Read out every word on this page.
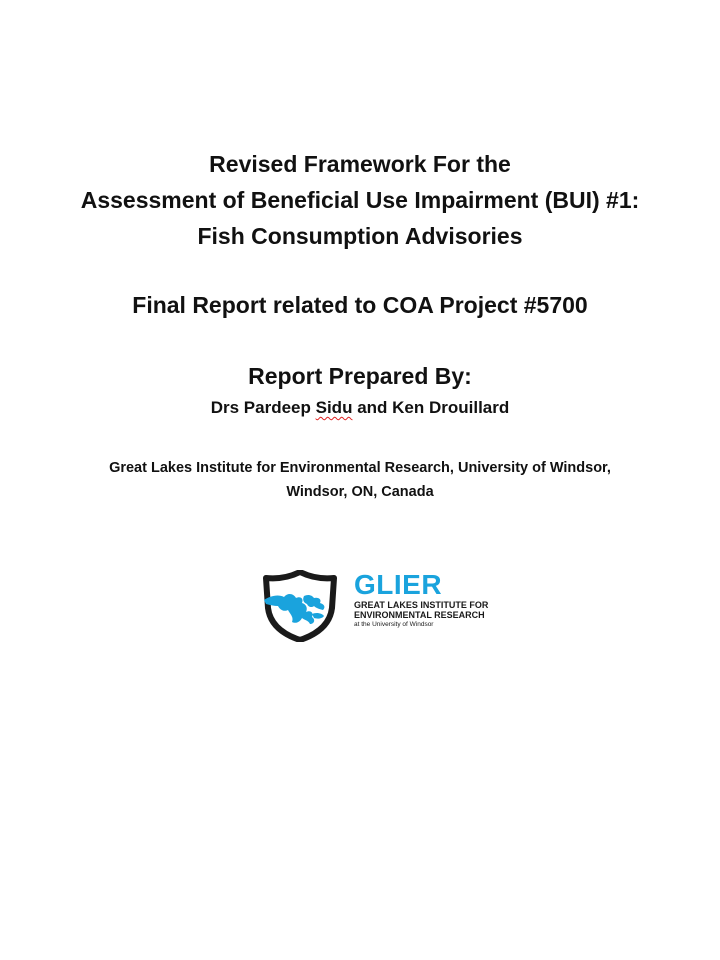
Revised Framework For the
Assessment of Beneficial Use Impairment (BUI) #1:
Fish Consumption Advisories
Final Report related to COA Project #5700
Report Prepared By:
Drs Pardeep Sidu and Ken Drouillard
Great Lakes Institute for Environmental Research, University of Windsor,
Windsor, ON, Canada
GLIER
GREAT LAKES INSTITUTE FOR
ENVIRONMENTAL RESEARCH
at the University of Windsor
